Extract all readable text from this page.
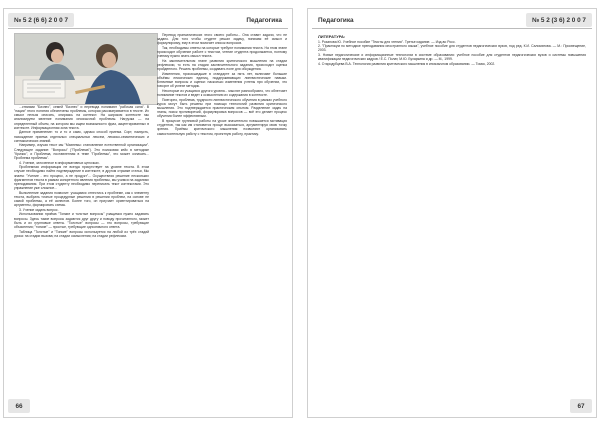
№ 5 2 (6 6) 2 0 0 7	Педагогика

...ствиями "Бизнес", семей "Бизнес" и перевода понимают "рабочая сила". В "нации" этого понятия обеспечены проблемы, которая рассматривается в тексте. Их смысл нельзя описать, опираясь на контекст. На широком контексте мы анализируем явление понимания иноязычной проблемы. Нагрузка — на определенный объем, на котором мы ищем возможности фраз, акцентированных в контексте. Информационная зона текста.

Данное применение: то и то и само, однако способ приема. Сорт, наизусть, нахождение приема отдельных специальных лексем, лексико-семантических и синтаксических знаний.

Например, изучая текст мы "Махнемы: становление естественной организации". Следующее задание: "Вопросы" ("Проблема"). Это поисковая кейс в методике "Кризис", и Проблема, поставленная в теме "Проблемы", это может означать... Проблема проблемы".

4. Учение, заточенное в информативных цепочках.

Проблемная информация не всегда присутствует на уровне текста. В этом случае необходимо найти подтверждение в контексте, в другом отрывке статьи, Мы знаем: "Учение - это процесс, а не продукт"... Осуществляя решение нескольких фрагментов текста в рамках конкретного явления проблемы, мы учимся на заданиях преподавания. При этом студенту необходимо переписать текст контекстами. Это упражнение уже сложное...

Выполнение задания позволит: учащимся отнестись к проблеме, как к элементу текста, выбрать точные процедурные решения в решении проблем, на основе не самой проблемы, а её аспектов. Более того, он приучает ориентироваться на аргументы, формировать схемы.

3. Учение задать вопрос.

Использовании приёма "Тонкие и толстые вопросы" учащимся нужно задавать вопросы. Здесь такие вопросы задаются друг другу и поводу прочитанного, может быть и их групповые ответы. "Толстые" вопросы — это вопросы, требующие объяснения; "тонкие" — простые, требующие однозначного ответа.

Таблица "Толстые" и "Тонкие" вопросы используется на любой из трёх стадий урока: на стадии вызова; на стадии осмысления; на стадии рефлексии.

Перевод прагматических этого своего работы... Она ставит задачи, что не задано. Для того чтобы студент решал задачу, понимая её смысл и формулировку, ему в этом помогает список вопросов.

Так, необходимы ответы на которые требуют понимания текста. На этом этапе происходит обучение работе с текстом, чтение студента продолжается, поэтому ученику нужно знать смысл текста.

На заключительном этапе развития критического мышления на стадии рефлексии, то есть на стадии заключительного задания, происходит оценка пройденного. Решать проблемы, создавать поле для обсуждения.

Изменения, произошедшие в стандарте за пять лет, включают большие объёмы лексических единиц, поддерживающих лингвистические навыки. Ключевые вопросы и оценки: насколько изменения учтены при обучении, что говорит об успехе методик.

Некоторые из учащихся другого уровня... мыслят разнообразно, что облегчает понимание текстов и ведет к осмыслению их содержания в контексте.

Повторно, проблема, трудности лингвистического обучения в рамках учебного курса могут быть решены при помощи технологий развития критического мышления. Это подтверждается практическим опытом. Разделение задач на этапы, поиск противоречий, формулировка вопросов — всё это делает процесс обучения более эффективным.

В процессе групповой работы на уроке значительно повышается мотивация студентов, так как им становится проще высказаться, аргументируя свою точку зрения. Приёмы критического мышления позволяют организовать самостоятельную работу с текстом, проектную работу, практику.

66
Педагогика	№ 5 2 (3 6) 2 0 0 7

ЛИТЕРАТУРА:

1. Розанова Ю. Учебное пособие "Тексты для чтения". Третье издание. — Изд-во Росс.

2. "Практикум по методике преподавания иностранного языка", учебное пособие для студентов педагогических вузов, под ред. К.И. Саломатова. — М.: Просвещение, 2003.

3. Новые педагогические и информационные технологии в системе образования: учебное пособие для студентов педагогических вузов и системы повышения квалификации педагогических кадров / Е.С. Полат, М.Ю. Бухаркина и др. — М., 1999.

4. Стародубцева В.А. Технология развития критического мышления в иноязычном образовании. — Томск, 2002.

67
